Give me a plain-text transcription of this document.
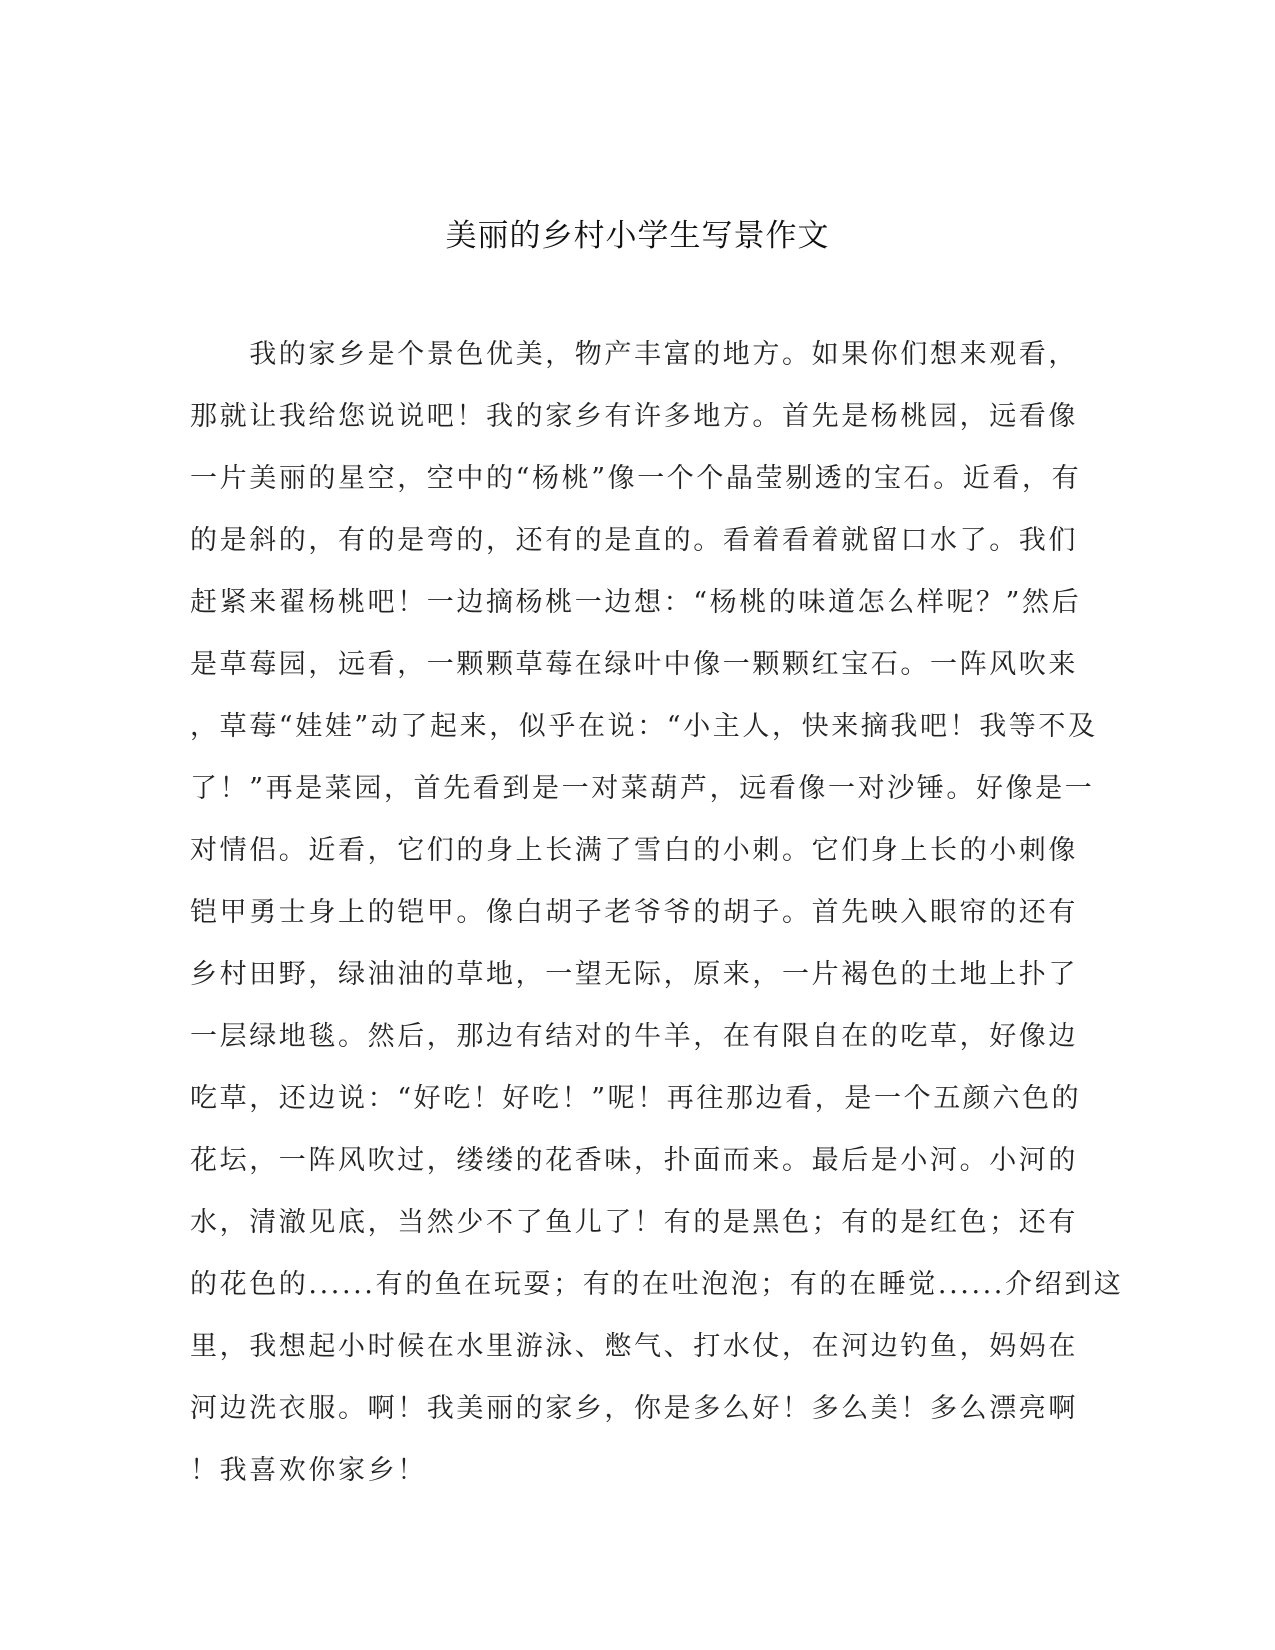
美丽的乡村小学生写景作文
　　我的家乡是个景色优美，物产丰富的地方。如果你们想来观看，
那就让我给您说说吧！我的家乡有许多地方。首先是杨桃园，远看像
一片美丽的星空，空中的“杨桃”像一个个晶莹剔透的宝石。近看，有
的是斜的，有的是弯的，还有的是直的。看着看着就留口水了。我们
赶紧来翟杨桃吧！一边摘杨桃一边想：“杨桃的味道怎么样呢？”然后
是草莓园，远看，一颗颗草莓在绿叶中像一颗颗红宝石。一阵风吹来
，草莓“娃娃”动了起来，似乎在说：“小主人，快来摘我吧！我等不及
了！”再是菜园，首先看到是一对菜葫芦，远看像一对沙锤。好像是一
对情侣。近看，它们的身上长满了雪白的小刺。它们身上长的小刺像
铠甲勇士身上的铠甲。像白胡子老爷爷的胡子。首先映入眼帘的还有
乡村田野，绿油油的草地，一望无际，原来，一片褐色的土地上扑了
一层绿地毯。然后，那边有结对的牛羊，在有限自在的吃草，好像边
吃草，还边说：“好吃！好吃！”呢！再往那边看，是一个五颜六色的
花坛，一阵风吹过，缕缕的花香味，扑面而来。最后是小河。小河的
水，清澈见底，当然少不了鱼儿了！有的是黑色；有的是红色；还有
的花色的......有的鱼在玩耍；有的在吐泡泡；有的在睡觉......介绍到这
里，我想起小时候在水里游泳、憋气、打水仗，在河边钓鱼，妈妈在
河边洗衣服。啊！我美丽的家乡，你是多么好！多么美！多么漂亮啊
！我喜欢你家乡！
